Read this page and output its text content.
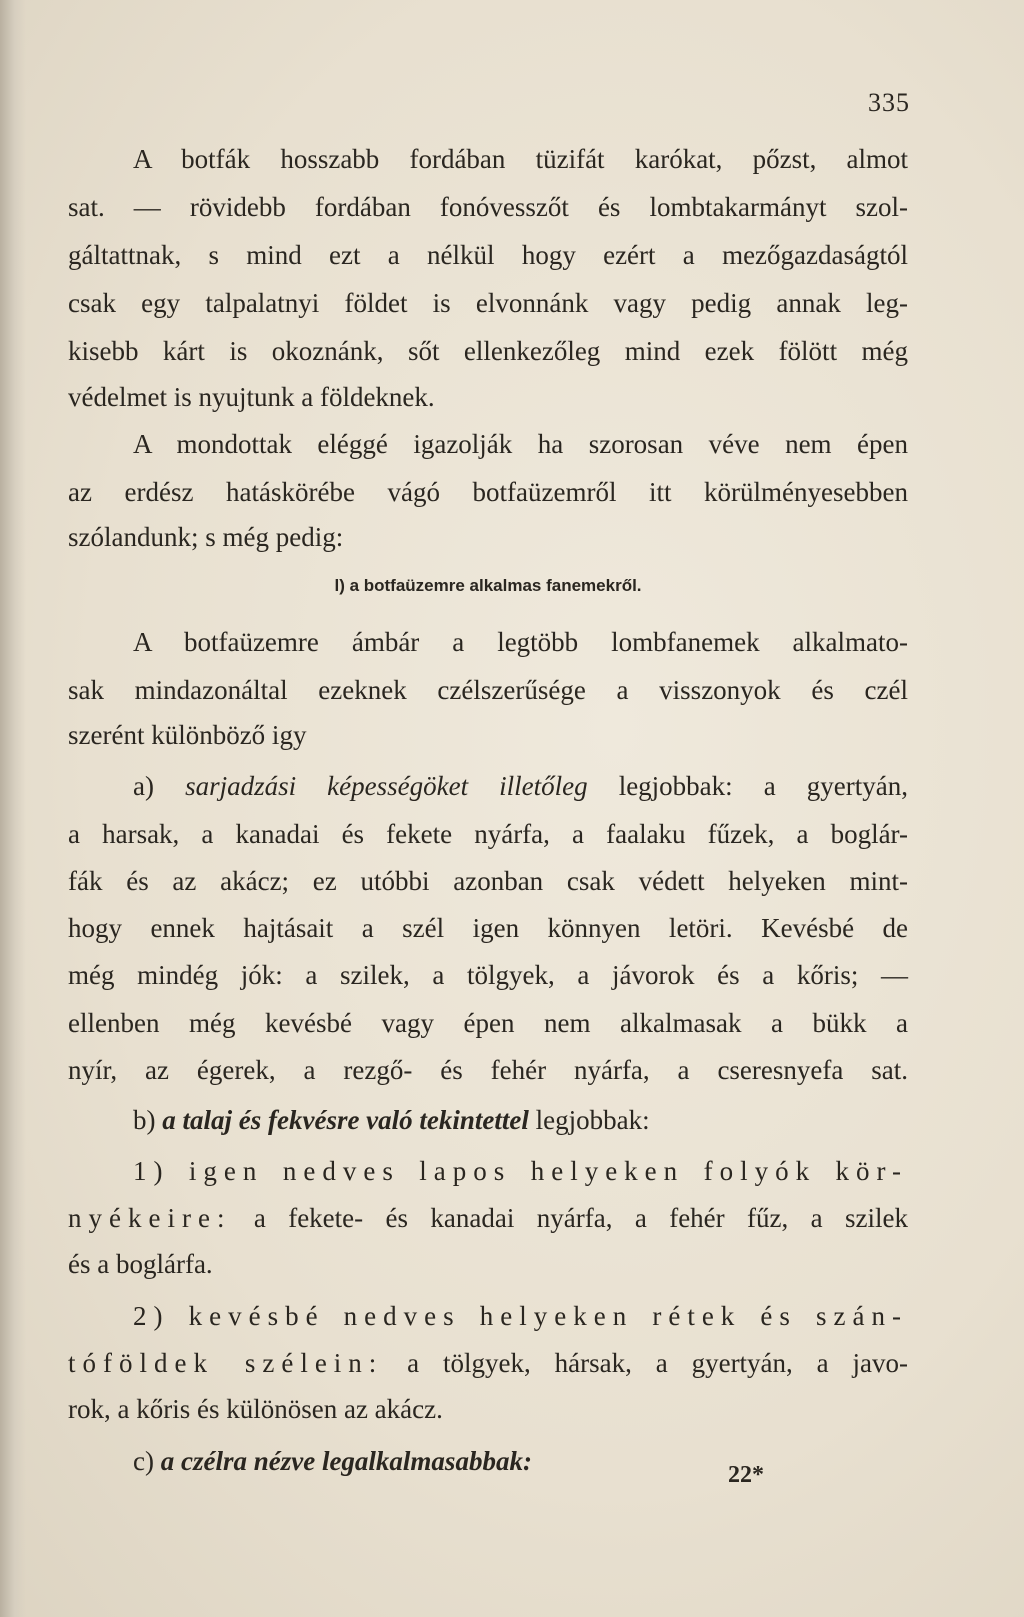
335
A botfák hosszabb fordában tüzifát karókat, pőzst, almot
sat. — rövidebb fordában fonóvesszőt és lombtakarmányt szol-
gáltattnak, s mind ezt a nélkül hogy ezért a mezőgazdaságtól
csak egy talpalatnyi földet is elvonnánk vagy pedig annak leg-
kisebb kárt is okoznánk, sőt ellenkezőleg mind ezek fölött még
védelmet is nyujtunk a földeknek.
A mondottak eléggé igazolják ha szorosan véve nem épen
az erdész hatáskörébe vágó botfaüzemről itt körülményesebben
szólandunk; s még pedig:
l) a botfaüzemre alkalmas fanemekről.
A botfaüzemre ámbár a legtöbb lombfanemek alkalmato-
sak mindazonáltal ezeknek czélszerűsége a visszonyok és czél
szerént különböző igy
a) sarjadzási képességöket illetőleg legjobbak: a gyertyán,
a harsak, a kanadai és fekete nyárfa, a faalaku fűzek, a boglár-
fák és az akácz; ez utóbbi azonban csak védett helyeken mint-
hogy ennek hajtásait a szél igen könnyen letöri. Kevésbé de
még mindég jók: a szilek, a tölgyek, a jávorok és a kőris; —
ellenben még kevésbé vagy épen nem alkalmasak a bükk a
nyír, az égerek, a rezgő- és fehér nyárfa, a cseresnyefa sat.
b) a talaj és fekvésre való tekintettel legjobbak:
1) igen nedves lapos helyeken folyók kör-
nyékeire: a fekete- és kanadai nyárfa, a fehér fűz, a szilek
és a boglárfa.
2) kevésbé nedves helyeken rétek és szán-
tóföldek szélein: a tölgyek, hársak, a gyertyán, a javo-
rok, a kőris és különösen az akácz.
c) a czélra nézve legalkalmasabbak:	22*
